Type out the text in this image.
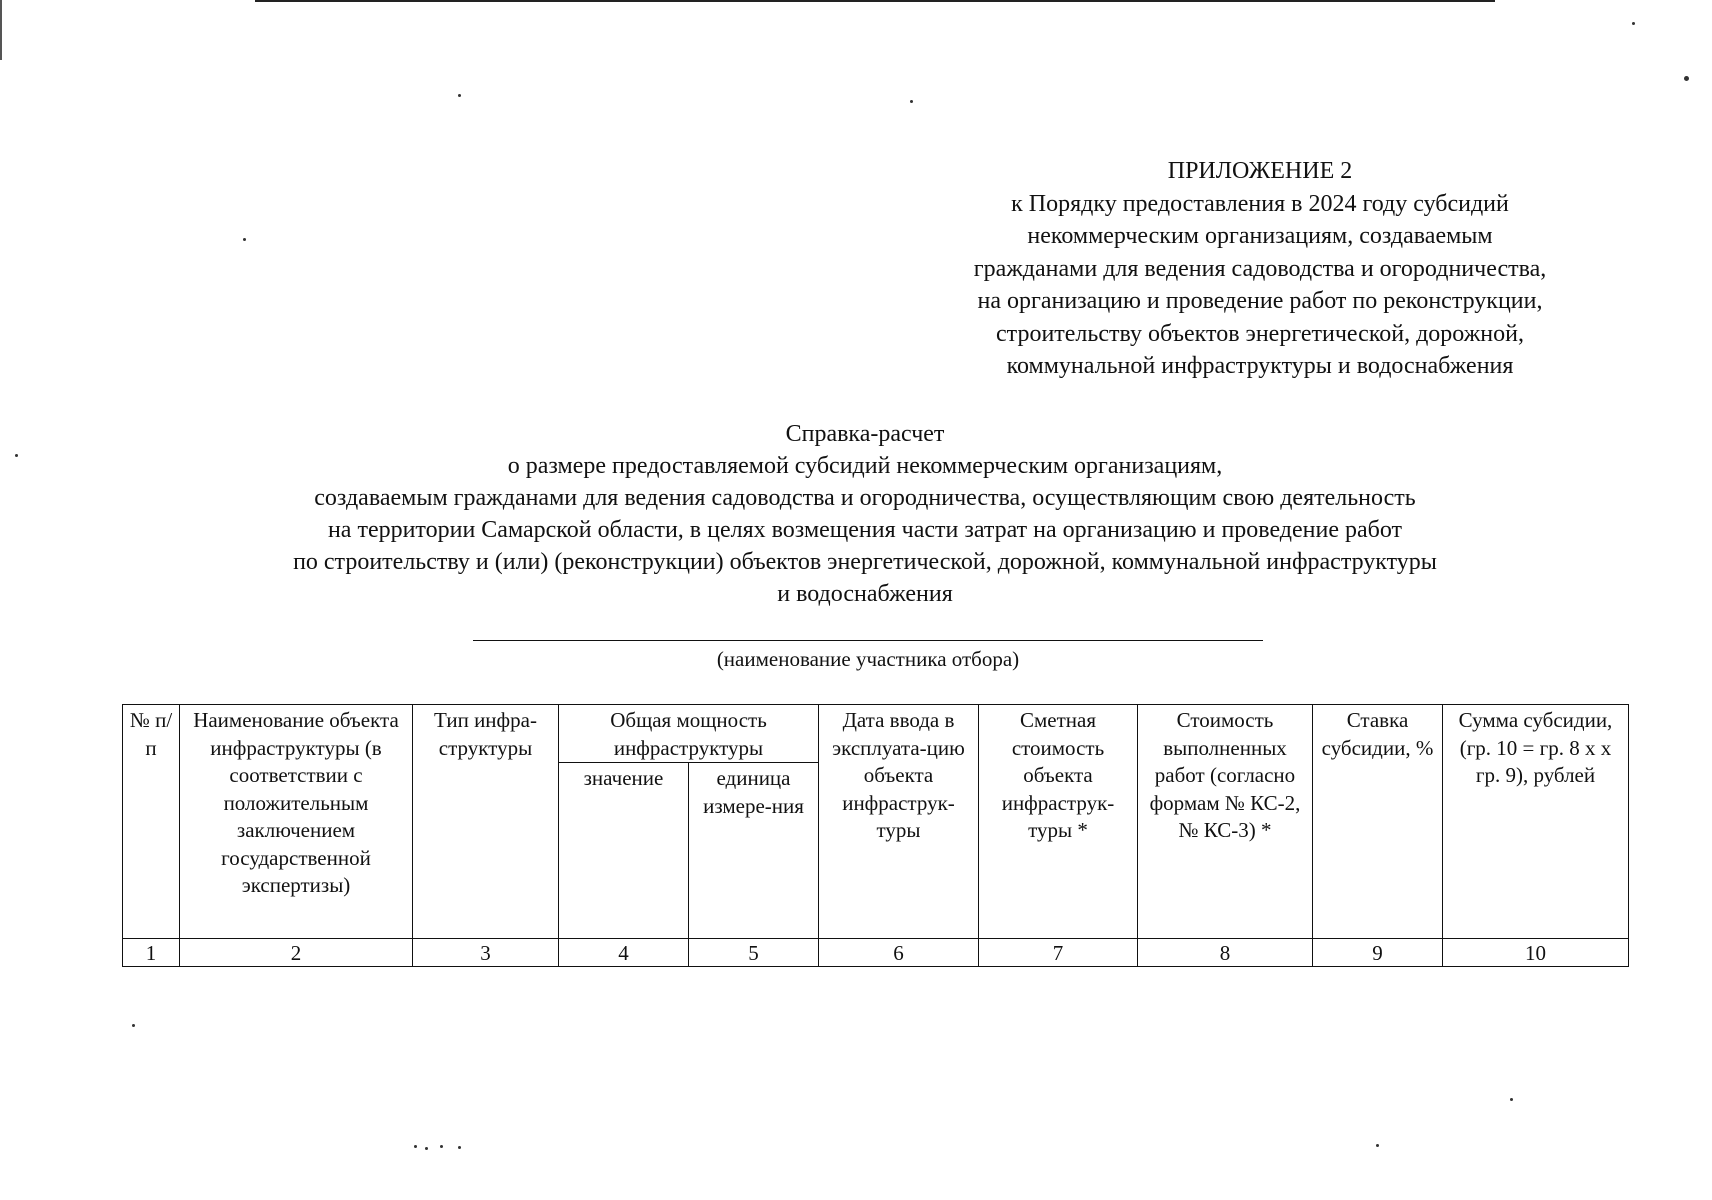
ПРИЛОЖЕНИЕ 2
к Порядку предоставления в 2024 году субсидий
некоммерческим организациям, создаваемым
гражданами для ведения садоводства и огородничества,
на организацию и проведение работ по реконструкции,
строительству объектов энергетической, дорожной,
коммунальной инфраструктуры и водоснабжения
Справка-расчет
о размере предоставляемой субсидий некоммерческим организациям,
создаваемым гражданами для ведения садоводства и огородничества, осуществляющим свою деятельность
на территории Самарской области, в целях возмещения части затрат на организацию и проведение работ
по строительству и (или) (реконструкции) объектов энергетической, дорожной, коммунальной инфраструктуры
и водоснабжения
(наименование участника отбора)
№ п/п	Наименование объекта инфраструктуры (в соответствии с положительным заключением государственной экспертизы)	Тип инфра-структуры	Общая мощность инфраструктуры		Дата ввода в эксплуата-цию объекта инфраструк-туры	Сметная стоимость объекта инфраструк-туры *	Стоимость выполненных работ (согласно формам № КС-2, № КС-3) *	Ставка субсидии, %	Сумма субсидии, (гр. 10 = гр. 8 х х гр. 9), рублей
			значение	единица измере-ния					
1	2	3	4	5	6	7	8	9	10
